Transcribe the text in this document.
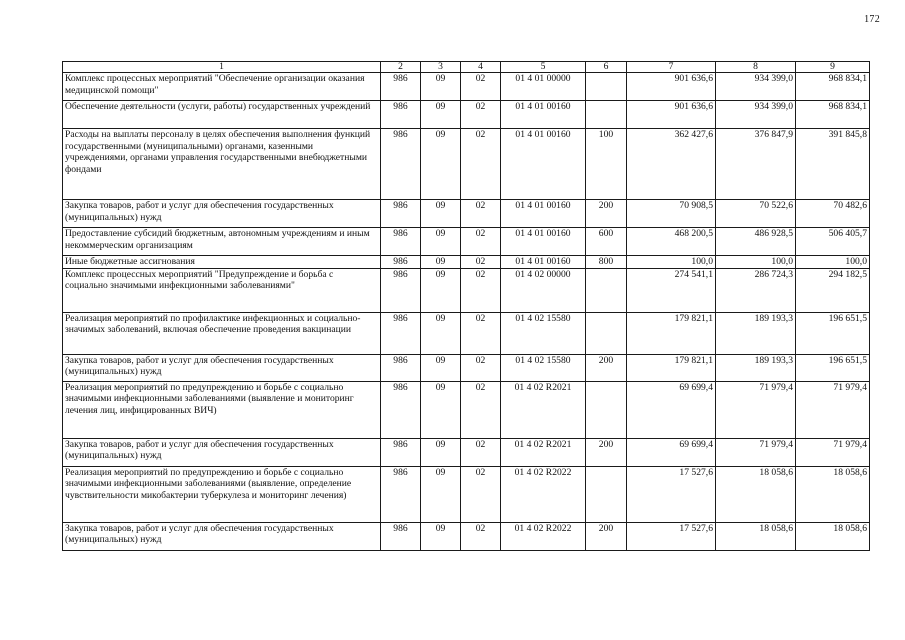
172
1	2	3	4	5	6	7	8	9
Комплекс процессных мероприятий "Обеспечение организации оказания медицинской помощи"	986	09	02	01 4 01 00000		901 636,6	934 399,0	968 834,1
Обеспечение деятельности (услуги, работы) государственных учреждений	986	09	02	01 4 01 00160		901 636,6	934 399,0	968 834,1
Расходы на выплаты персоналу в целях обеспечения выполнения функций государственными (муниципальными) органами, казенными учреждениями, органами управления государственными внебюджетными фондами	986	09	02	01 4 01 00160	100	362 427,6	376 847,9	391 845,8
Закупка товаров, работ и услуг для обеспечения государственных (муниципальных) нужд	986	09	02	01 4 01 00160	200	70 908,5	70 522,6	70 482,6
Предоставление субсидий бюджетным, автономным учреждениям и иным некоммерческим организациям	986	09	02	01 4 01 00160	600	468 200,5	486 928,5	506 405,7
Иные бюджетные ассигнования	986	09	02	01 4 01 00160	800	100,0	100,0	100,0
Комплекс процессных мероприятий "Предупреждение и борьба с социально значимыми инфекционными заболеваниями"	986	09	02	01 4 02 00000		274 541,1	286 724,3	294 182,5
Реализация мероприятий по профилактике инфекционных и социально-значимых заболеваний, включая обеспечение проведения вакцинации	986	09	02	01 4 02 15580		179 821,1	189 193,3	196 651,5
Закупка товаров, работ и услуг для обеспечения государственных (муниципальных) нужд	986	09	02	01 4 02 15580	200	179 821,1	189 193,3	196 651,5
Реализация мероприятий по предупреждению и борьбе с социально значимыми инфекционными заболеваниями (выявление и мониторинг лечения лиц, инфицированных ВИЧ)	986	09	02	01 4 02 R2021		69 699,4	71 979,4	71 979,4
Закупка товаров, работ и услуг для обеспечения государственных (муниципальных) нужд	986	09	02	01 4 02 R2021	200	69 699,4	71 979,4	71 979,4
Реализация мероприятий по предупреждению и борьбе с социально значимыми инфекционными заболеваниями (выявление, определение чувствительности микобактерии туберкулеза и мониторинг лечения)	986	09	02	01 4 02 R2022		17 527,6	18 058,6	18 058,6
Закупка товаров, работ и услуг для обеспечения государственных (муниципальных) нужд	986	09	02	01 4 02 R2022	200	17 527,6	18 058,6	18 058,6
